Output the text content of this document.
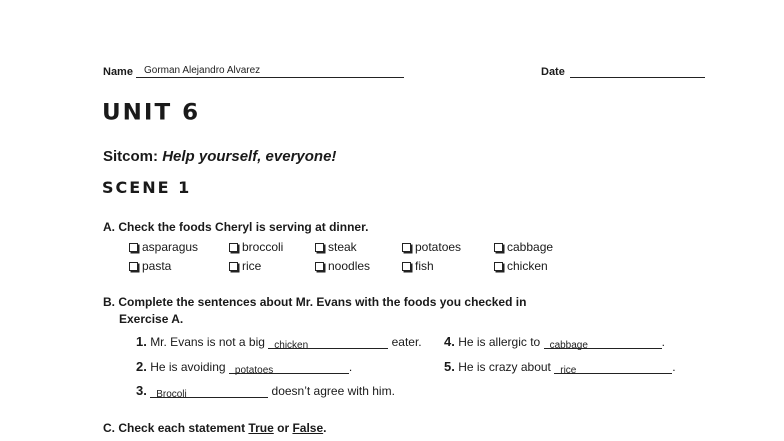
Name Gorman Alejandro Alvarez	Date
UNIT 6
Sitcom: Help yourself, everyone!
SCENE 1
A. Check the foods Cheryl is serving at dinner.
asparagus	broccoli	steak	potatoes	cabbage
pasta	rice	noodles	fish	chicken
B. Complete the sentences about Mr. Evans with the foods you checked in
Exercise A.
1. Mr. Evans is not a big chicken	eater. 4. He is allergic to cabbage	.
2. He is avoiding potatoes	.	5. He is crazy about rice	.
3. Brocoli	doesn’t agree with him.
C. Check each statement True or False.
